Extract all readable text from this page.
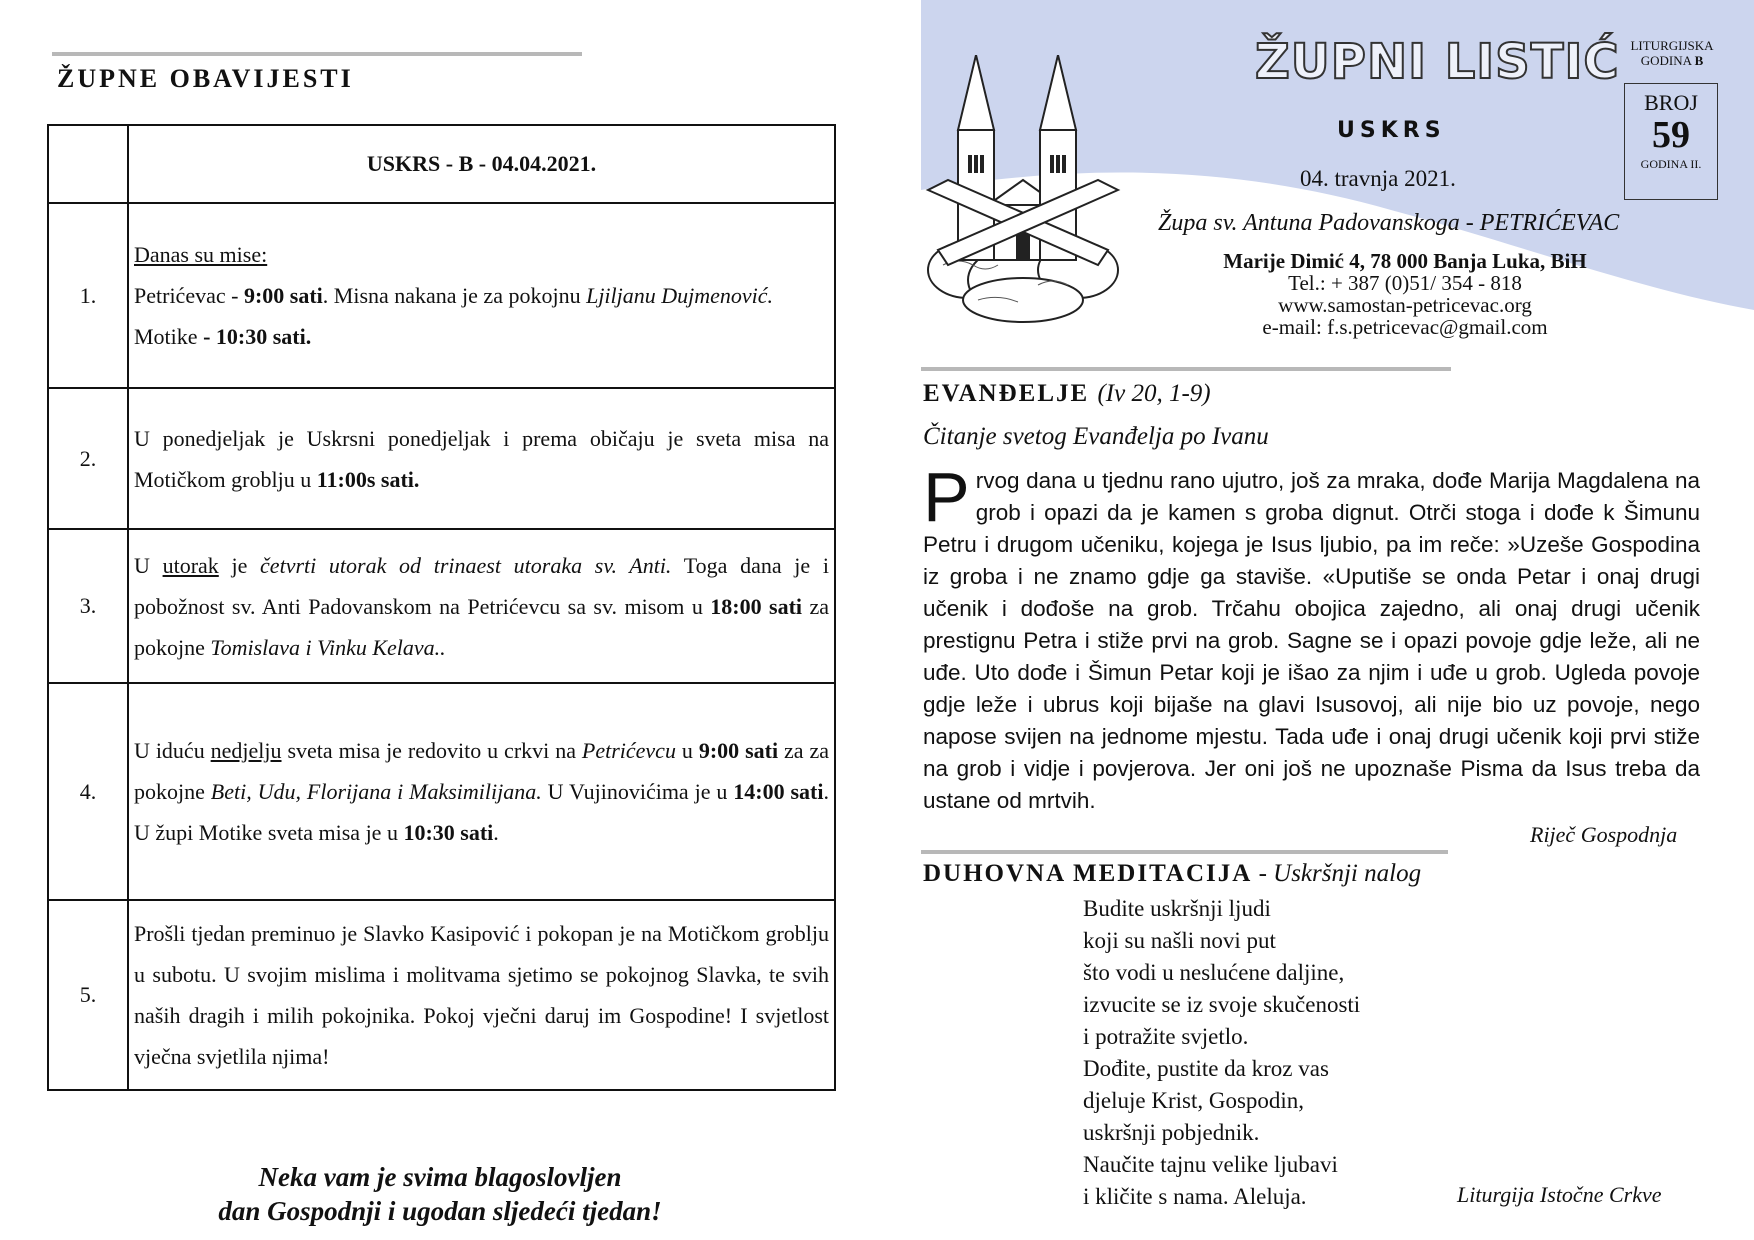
ŽUPNE OBAVIJESTI
	USKRS - B - 04.04.2021.
1.	Danas su mise:
Petrićevac - 9:00 sati. Misna nakana je za pokojnu Ljiljanu Dujmenović.
Motike - 10:30 sati.
2.	U ponedjeljak je Uskrsni ponedjeljak i prema običaju je sveta misa na Motičkom groblju u 11:00s sati.
3.	U utorak je četvrti utorak od trinaest utoraka sv. Anti. Toga dana je i pobožnost sv. Anti Padovanskom na Petrićevcu sa sv. misom u 18:00 sati za pokojne Tomislava i Vinku Kelava..
4.	U iduću nedjelju sveta misa je redovito u crkvi na Petrićevcu u 9:00 sati za za pokojne Beti, Udu, Florijana i Maksimilijana. U Vujinovićima je u 14:00 sati. U župi Motike sveta misa je u 10:30 sati.
5.	Prošli tjedan preminuo je Slavko Kasipović i pokopan je na Motičkom groblju u subotu. U svojim mislima i molitvama sjetimo se pokojnog Slavka, te svih naših dragih i milih pokojnika. Pokoj vječni daruj im Gospodine! I svjetlost vječna svjetlila njima!
Neka vam je svima blagoslovljen
dan Gospodnji i ugodan sljedeći tjedan!
ŽUPNI LISTIĆ
USKRS
04. travnja 2021.
Župa sv. Antuna Padovanskoga - PETRIĆEVAC
Marije Dimić 4, 78 000 Banja Luka, BiH
Tel.: + 387 (0)51/ 354 - 818
www.samostan-petricevac.org
e-mail: f.s.petricevac@gmail.com
LITURGIJSKA
GODINA B
BROJ
59
GODINA II.
EVANĐELJE (Iv 20, 1-9)
Čitanje svetog Evanđelja po Ivanu
Prvog dana u tjednu rano ujutro, još za mraka, dođe Marija Magdalena na grob i opazi da je kamen s groba dignut. Otrči stoga i dođe k Šimunu Petru i drugom učeniku, kojega je Isus ljubio, pa im reče: »Uzeše Gospodina iz groba i ne znamo gdje ga staviše. «Uputiše se onda Petar i onaj drugi učenik i dođoše na grob. Trčahu obojica zajedno, ali onaj drugi učenik prestignu Petra i stiže prvi na grob. Sagne se i opazi povoje gdje leže, ali ne uđe. Uto dođe i Šimun Petar koji je išao za njim i uđe u grob. Ugleda povoje gdje leže i ubrus koji bijaše na glavi Isusovoj, ali nije bio uz povoje, nego napose svijen na jednome mjestu. Tada uđe i onaj drugi učenik koji prvi stiže na grob i vidje i povjerova. Jer oni još ne upoznaše Pisma da Isus treba da ustane od mrtvih.
Riječ Gospodnja
DUHOVNA MEDITACIJA - Uskršnji nalog
Budite uskršnji ljudi
koji su našli novi put
što vodi u neslućene daljine,
izvucite se iz svoje skučenosti
i potražite svjetlo.
Dođite, pustite da kroz vas
djeluje Krist, Gospodin,
uskršnji pobjednik.
Naučite tajnu velike ljubavi
i kličite s nama. Aleluja.	Liturgija Istočne Crkve
